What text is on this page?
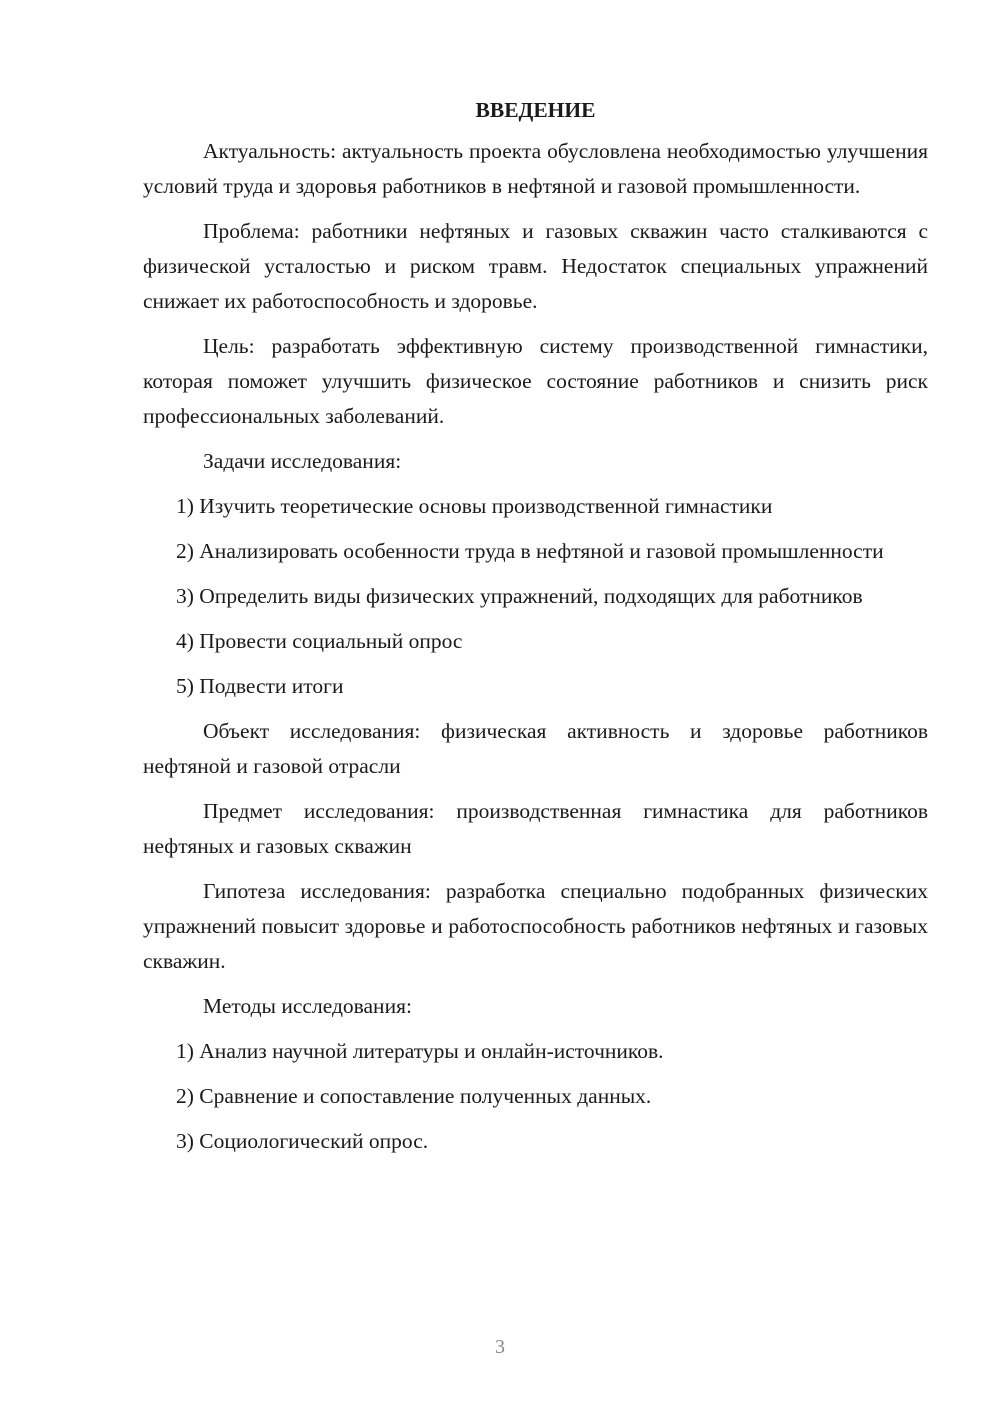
ВВЕДЕНИЕ

Актуальность: актуальность проекта обусловлена необходимостью улучшения условий труда и здоровья работников в нефтяной и газовой промышленности.

Проблема: работники нефтяных и газовых скважин часто сталкиваются с физической усталостью и риском травм. Недостаток специальных упражнений снижает их работоспособность и здоровье.

Цель: разработать эффективную систему производственной гимнастики, которая поможет улучшить физическое состояние работников и снизить риск профессиональных заболеваний.

Задачи исследования:

1) Изучить теоретические основы производственной гимнастики

2) Анализировать особенности труда в нефтяной и газовой промышленности

3) Определить виды физических упражнений, подходящих для работников

4) Провести социальный опрос

5) Подвести итоги

Объект исследования: физическая активность и здоровье работников нефтяной и газовой отрасли

Предмет исследования: производственная гимнастика для работников нефтяных и газовых скважин

Гипотеза исследования: разработка специально подобранных физических упражнений повысит здоровье и работоспособность работников нефтяных и газовых скважин.

Методы исследования:

1) Анализ научной литературы и онлайн-источников.

2) Сравнение и сопоставление полученных данных.

3) Социологический опрос.

3
